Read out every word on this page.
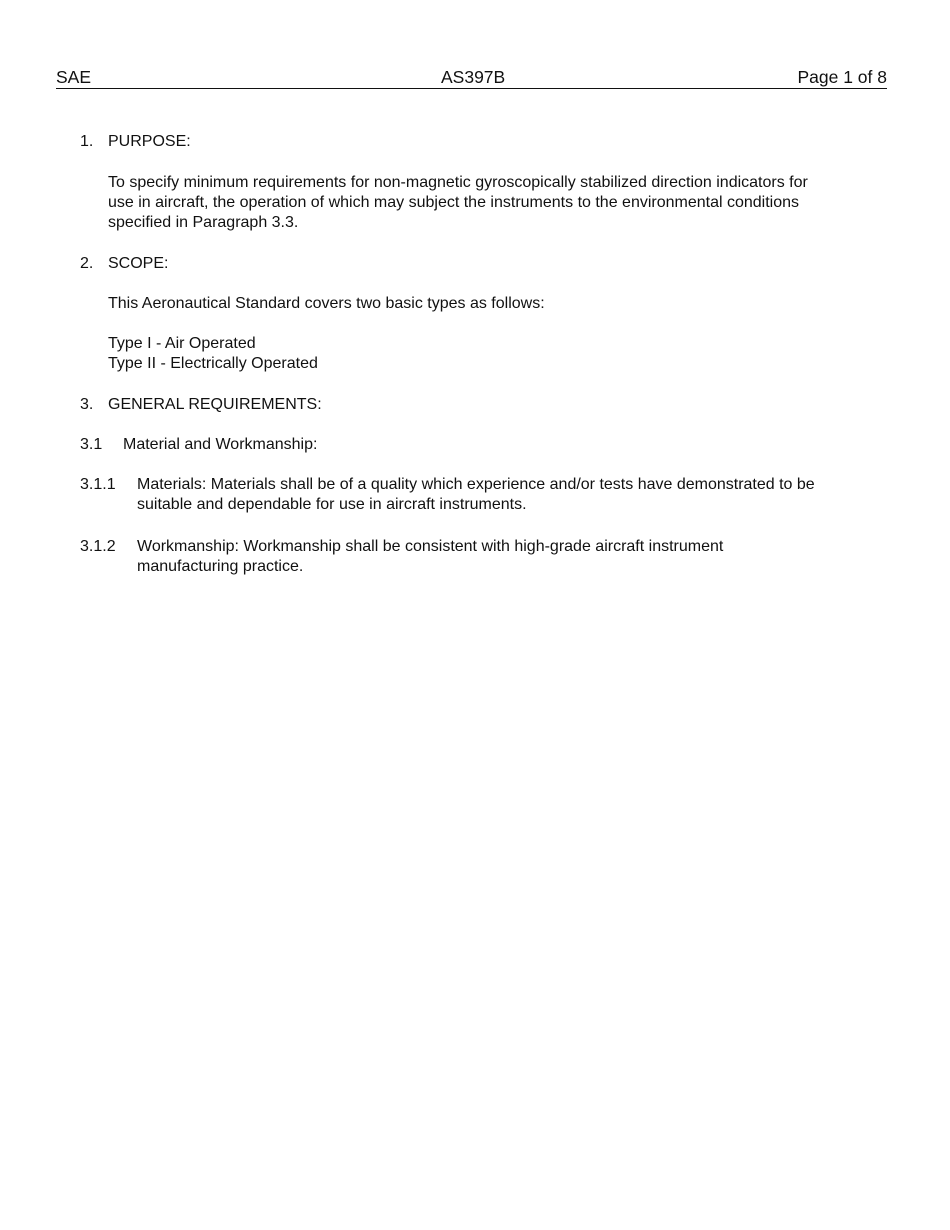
SAE	AS397B	Page 1 of 8
1. PURPOSE:
To specify minimum requirements for non-magnetic gyroscopically stabilized direction indicators for
use in aircraft, the operation of which may subject the instruments to the environmental conditions
specified in Paragraph 3.3.
2. SCOPE:
This Aeronautical Standard covers two basic types as follows:
Type I - Air Operated
Type II - Electrically Operated
3. GENERAL REQUIREMENTS:
3.1 Material and Workmanship:
3.1.1 Materials: Materials shall be of a quality which experience and/or tests have demonstrated to be
suitable and dependable for use in aircraft instruments.
3.1.2 Workmanship: Workmanship shall be consistent with high-grade aircraft instrument
manufacturing practice.
